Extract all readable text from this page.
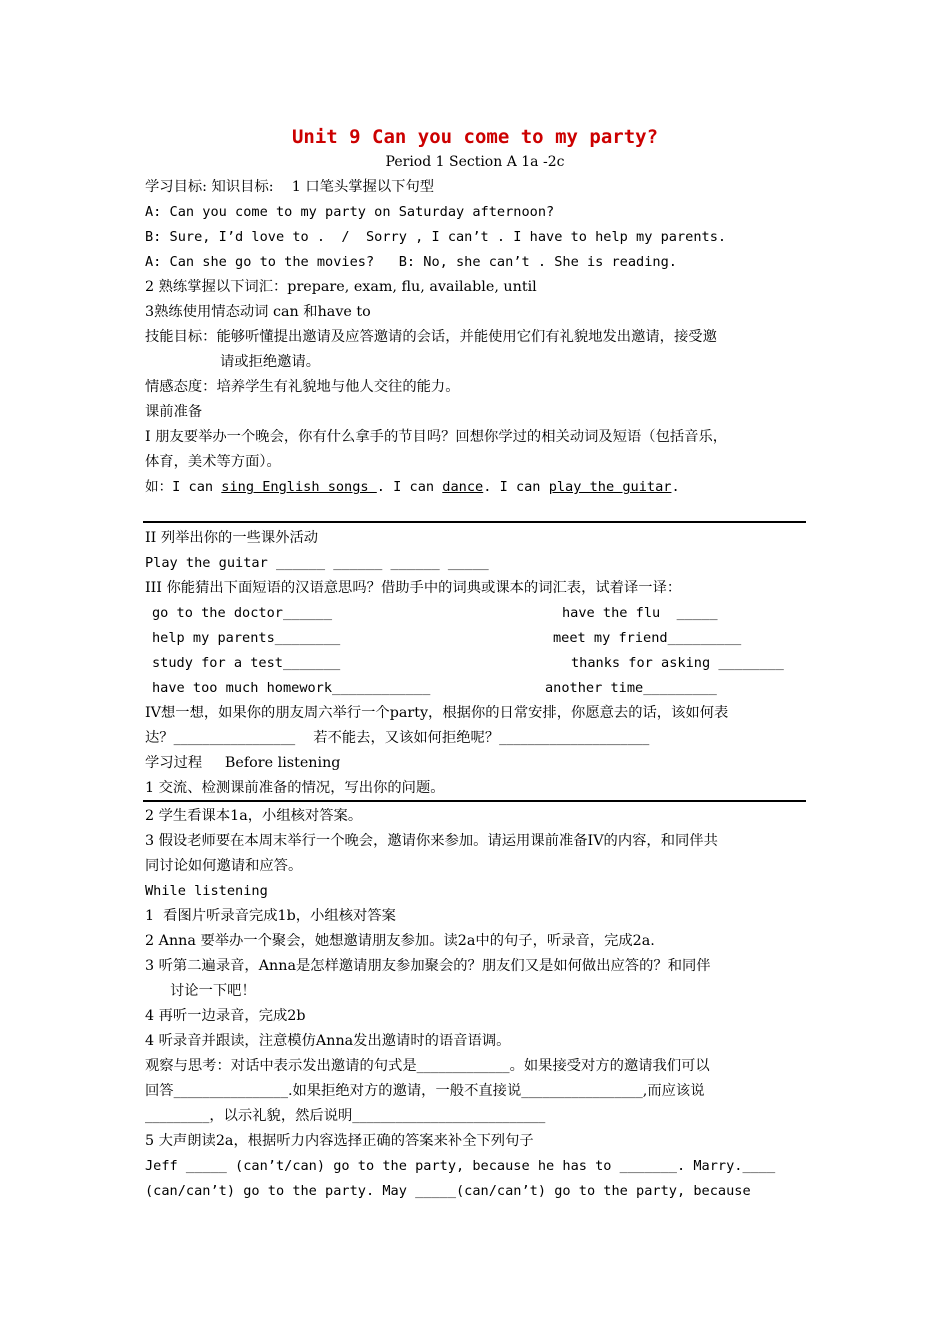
Unit 9 Can you come to my party?
Period 1 Section A 1a -2c
学习目标: 知识目标:    1 口笔头掌握以下句型
A: Can you come to my party on Saturday afternoon?
B: Sure, I’d love to .  /  Sorry , I can’t . I have to help my parents.
A: Can she go to the movies?   B: No, she can’t . She is reading.
2 熟练掌握以下词汇：prepare, exam, flu, available, until
3熟练使用情态动词 can 和have to
技能目标：能够听懂提出邀请及应答邀请的会话，并能使用它们有礼貌地发出邀请，接受邀
请或拒绝邀请。
情感态度：培养学生有礼貌地与他人交往的能力。
课前准备
I 朋友要举办一个晚会，你有什么拿手的节目吗？回想你学过的相关动词及短语（包括音乐，
体育，美术等方面）。
如：I can sing English songs . I can dance. I can play the guitar.
II 列举出你的一些课外活动
Play the guitar ______ ______ ______ _____
III 你能猜出下面短语的汉语意思吗？借助手中的词典或课本的词汇表，试着译一译：
go to the doctor______
help my parents________
study for a test_______
have too much homework____________
have the flu  _____
meet my friend_________
thanks for asking ________
another time_________
IV想一想，如果你的朋友周六举行一个party，根据你的日常安排，你愿意去的话，该如何表
达？_________________    若不能去，又该如何拒绝呢？_____________________
学习过程     Before listening
1 交流、检测课前准备的情况，写出你的问题。
2 学生看课本1a，小组核对答案。
3 假设老师要在本周末举行一个晚会，邀请你来参加。请运用课前准备IV的内容，和同伴共
同讨论如何邀请和应答。
While listening
1  看图片听录音完成1b，小组核对答案
2 Anna 要举办一个聚会，她想邀请朋友参加。读2a中的句子，听录音，完成2a.
3 听第二遍录音，Anna是怎样邀请朋友参加聚会的？朋友们又是如何做出应答的？和同伴
讨论一下吧！
4 再听一边录音，完成2b
4 听录音并跟读，注意模仿Anna发出邀请时的语音语调。
观察与思考：对话中表示发出邀请的句式是_____________。如果接受对方的邀请我们可以
回答________________.如果拒绝对方的邀请，一般不直接说_________________,而应该说
_________，以示礼貌，然后说明___________________________
5 大声朗读2a，根据听力内容选择正确的答案来补全下列句子
Jeff _____ (can’t/can) go to the party, because he has to _______. Marry.____
(can/can’t) go to the party. May _____(can/can’t) go to the party, because
